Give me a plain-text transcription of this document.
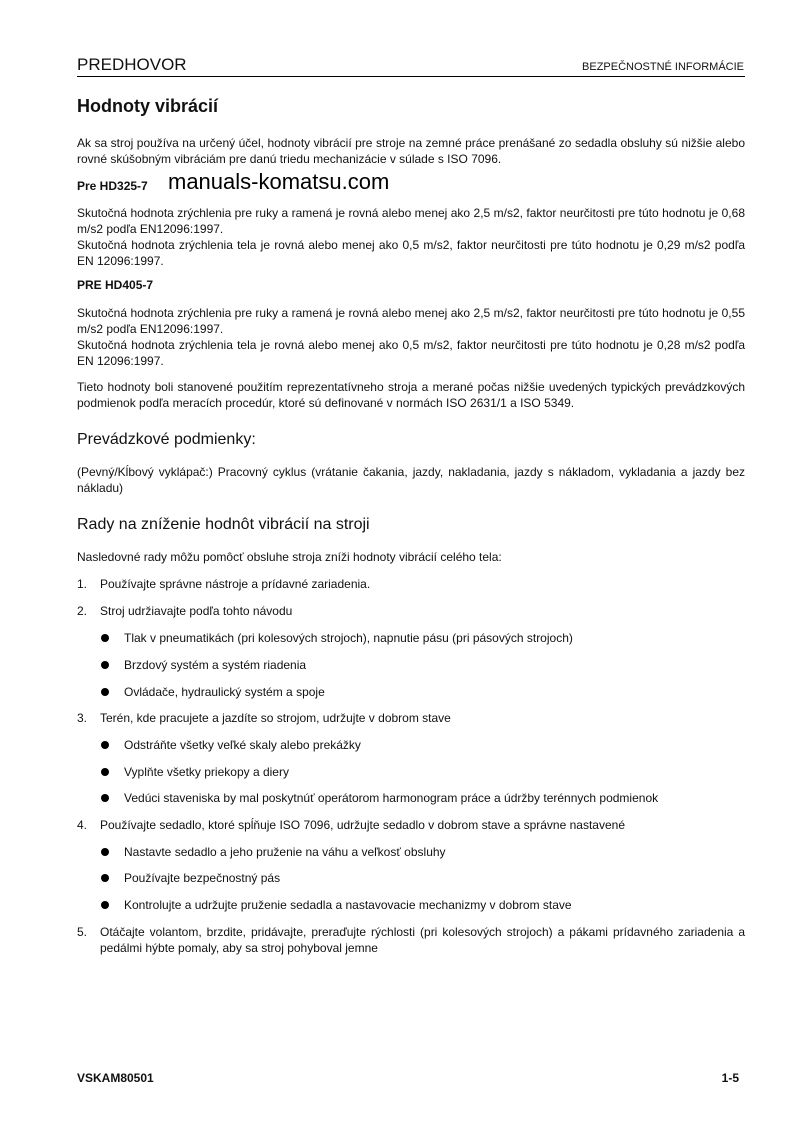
PREDHOVOR	BEZPEČNOSTNÉ INFORMÁCIE
Hodnoty vibrácií
Ak sa stroj používa na určený účel, hodnoty vibrácií pre stroje na zemné práce prenášané zo sedadla obsluhy sú nižšie alebo rovné skúšobným vibráciám pre danú triedu mechanizácie v súlade s ISO 7096.
Pre HD325-7 manuals-komatsu.com
Skutočná hodnota zrýchlenia pre ruky a ramená je rovná alebo menej ako 2,5 m/s2, faktor neurčitosti pre túto hodnotu je 0,68 m/s2 podľa EN12096:1997.
Skutočná hodnota zrýchlenia tela je rovná alebo menej ako 0,5 m/s2, faktor neurčitosti pre túto hodnotu je 0,29 m/s2 podľa EN 12096:1997.
PRE HD405-7
Skutočná hodnota zrýchlenia pre ruky a ramená je rovná alebo menej ako 2,5 m/s2, faktor neurčitosti pre túto hodnotu je 0,55 m/s2 podľa EN12096:1997.
Skutočná hodnota zrýchlenia tela je rovná alebo menej ako 0,5 m/s2, faktor neurčitosti pre túto hodnotu je 0,28 m/s2 podľa EN 12096:1997.
Tieto hodnoty boli stanovené použitím reprezentatívneho stroja a merané počas nižšie uvedených typických prevádzkových podmienok podľa meracích procedúr, ktoré sú definované v normách ISO 2631/1 a ISO 5349.
Prevádzkové podmienky:
(Pevný/Kĺbový vyklápač:) Pracovný cyklus (vrátanie čakania, jazdy, nakladania, jazdy s nákladom, vykladania a jazdy bez nákladu)
Rady na zníženie hodnôt vibrácií na stroji
Nasledovné rady môžu pomôcť obsluhe stroja zníži hodnoty vibrácií celého tela:
1. Používajte správne nástroje a prídavné zariadenia.
2. Stroj udržiavajte podľa tohto návodu
Tlak v pneumatikách (pri kolesových strojoch), napnutie pásu (pri pásových strojoch)
Brzdový systém a systém riadenia
Ovládače, hydraulický systém a spoje
3. Terén, kde pracujete a jazdíte so strojom, udržujte v dobrom stave
Odstráňte všetky veľké skaly alebo prekážky
Vyplňte všetky priekopy a diery
Vedúci staveniska by mal poskytnúť operátorom harmonogram práce a údržby terénnych podmienok
4. Používajte sedadlo, ktoré spĺňuje ISO 7096, udržujte sedadlo v dobrom stave a správne nastavené
Nastavte sedadlo a jeho pruženie na váhu a veľkosť obsluhy
Používajte bezpečnostný pás
Kontrolujte a udržujte pruženie sedadla a nastavovacie mechanizmy v dobrom stave
5. Otáčajte volantom, brzdite, pridávajte, preraďujte rýchlosti (pri kolesových strojoch) a pákami prídavného zariadenia a pedálmi hýbte pomaly, aby sa stroj pohyboval jemne
VSKAM80501	1-5
